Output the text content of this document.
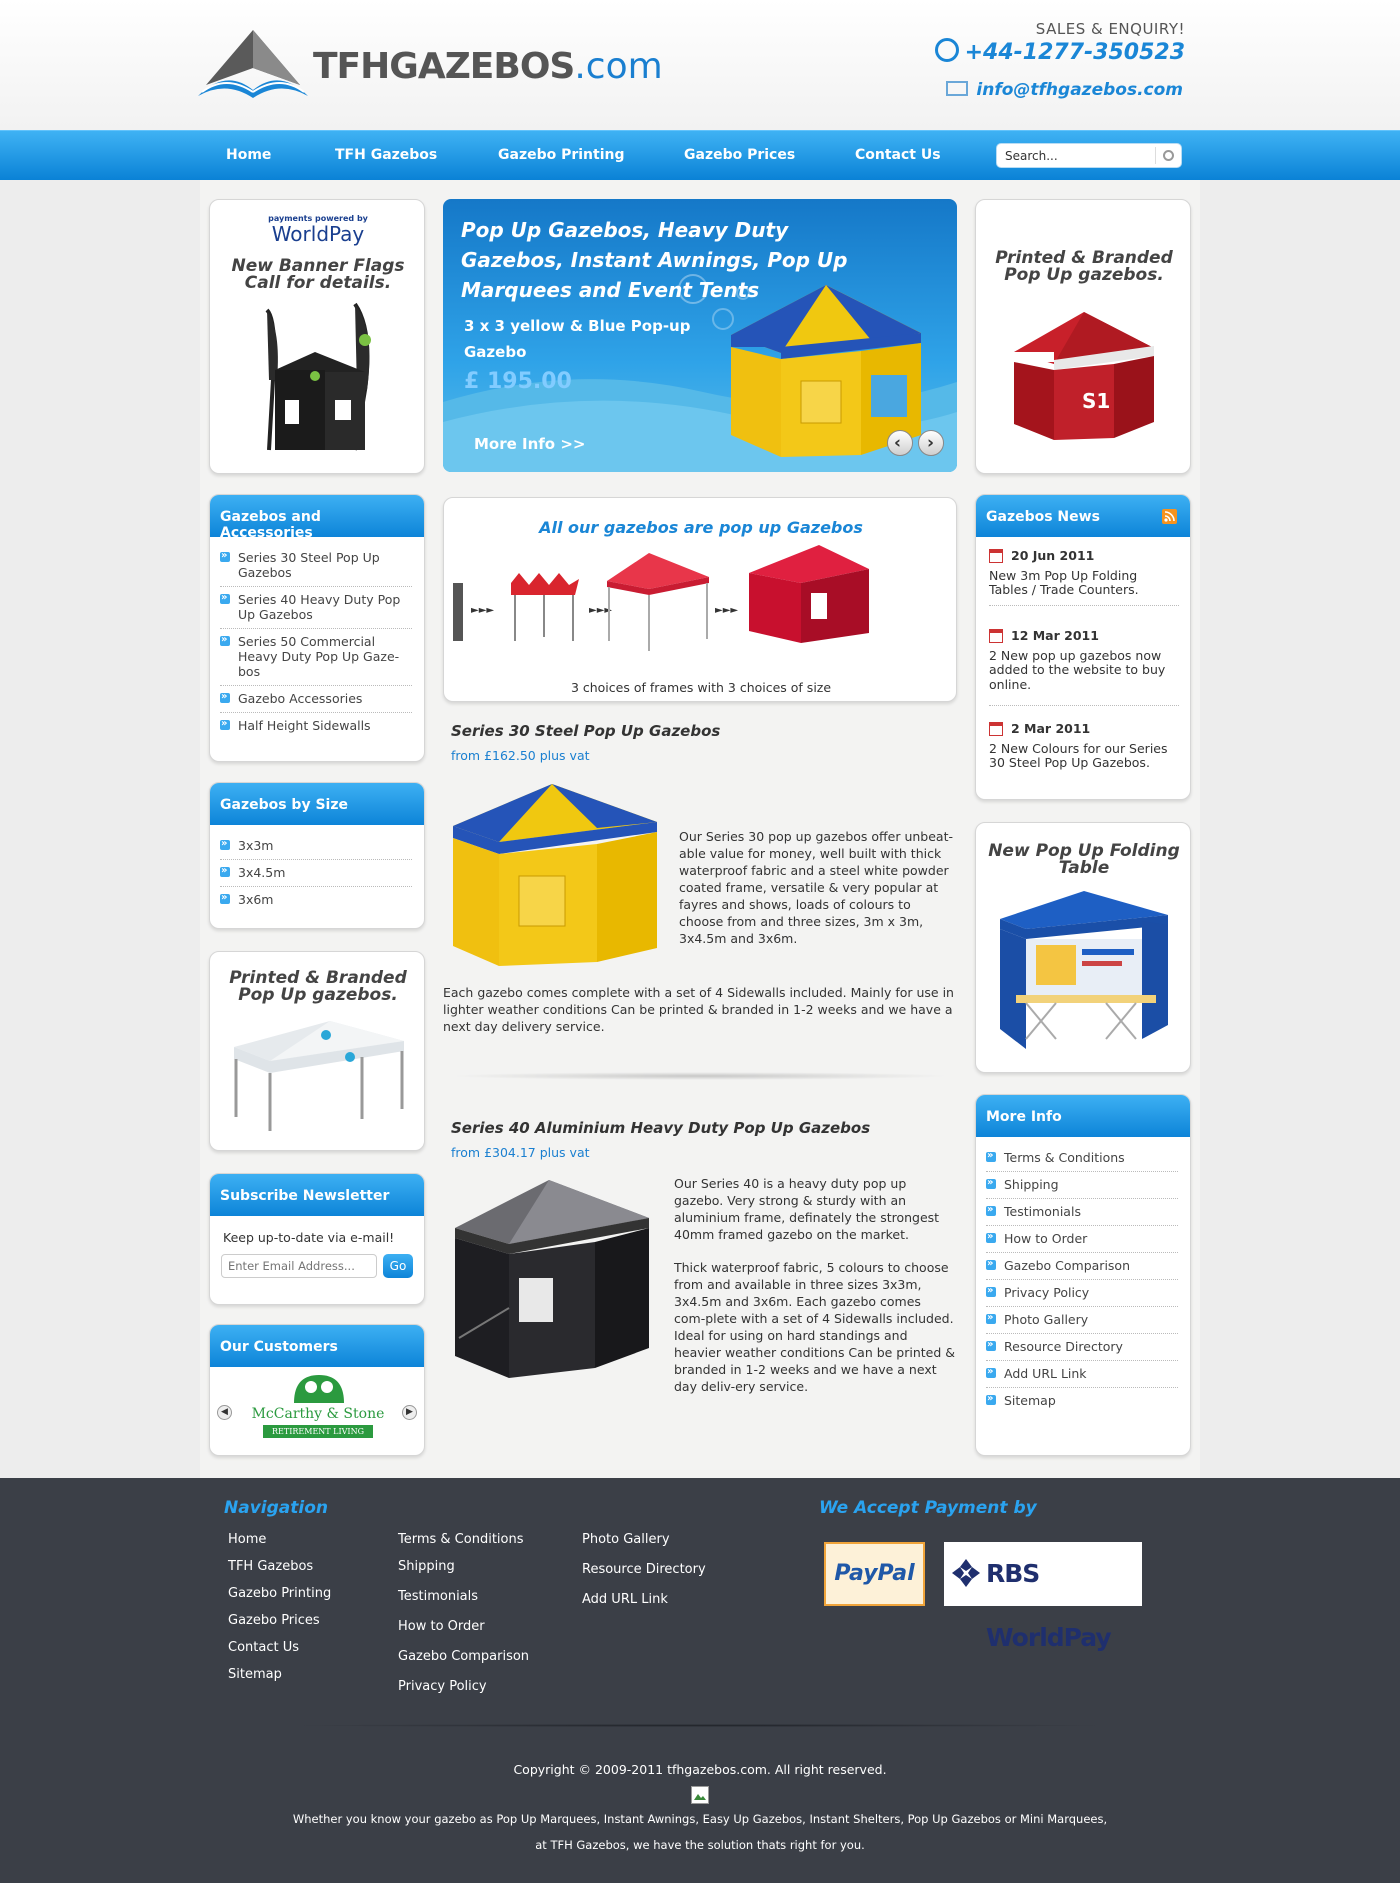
TFHGAZEBOS.com
SALES & ENQUIRY!
+44-1277-350523
info@tfhgazebos.com
Home	TFH Gazebos	Gazebo Printing	Gazebo Prices	Contact Us
Search...
payments powered by
WorldPay
New Banner Flags Call for details.
Pop Up Gazebos, Heavy Duty Gazebos, Instant Awnings, Pop Up Marquees and Event Tents
3 x 3 yellow & Blue Pop-up Gazebo
£ 195.00
More Info >>	‹ ›
Printed & Branded Pop Up gazebos.
S1
Gazebos and Accessories
»
Series 30 Steel Pop Up Gazebos
»
Series 40 Heavy Duty Pop Up Gazebos
»
Series 50 Commercial Heavy Duty Pop Up Gaze-bos
»
Gazebo Accessories
»
Half Height Sidewalls
Gazebos by Size
»
3x3m
»
3x4.5m
»
3x6m
Printed & Branded Pop Up gazebos.
Subscribe Newsletter
Keep up-to-date via e-mail!
Enter Email Address...
Go
Our Customers
◀	▶
McCarthy & Stone
RETIREMENT LIVING
All our gazebos are pop up Gazebos
►►►	►►►	►►►
3 choices of frames with 3 choices of size
Series 30 Steel Pop Up Gazebos
from £162.50 plus vat
Our Series 30 pop up gazebos offer unbeat-able value for money, well built with thick waterproof fabric and a steel white powder coated frame, versatile & very popular at fayres and shows, loads of colours to choose from and three sizes, 3m x 3m, 3x4.5m and 3x6m.
Each gazebo comes complete with a set of 4 Sidewalls included. Mainly for use in lighter weather conditions Can be printed & branded in 1-2 weeks and we have a next day delivery service.
Series 40 Aluminium Heavy Duty Pop Up Gazebos
from £304.17 plus vat
Our Series 40 is a heavy duty pop up gazebo. Very strong & sturdy with an aluminium frame, definately the strongest 40mm framed gazebo on the market.
Thick waterproof fabric, 5 colours to choose from and available in three sizes 3x3m, 3x4.5m and 3x6m. Each gazebo comes com-plete with a set of 4 Sidewalls included. Ideal for using on hard standings and heavier weather conditions Can be printed & branded in 1-2 weeks and we have a next day deliv-ery service.
Gazebos News
20 Jun 2011
New 3m Pop Up Folding Tables / Trade Counters.
12 Mar 2011
2 New pop up gazebos now added to the website to buy online.
2 Mar 2011
2 New Colours for our Series 30 Steel Pop Up Gazebos.
New Pop Up Folding Table
More Info
»
Terms & Conditions
»
Shipping
»
Testimonials
»
How to Order
»
Gazebo Comparison
»
Privacy Policy
»
Photo Gallery
»
Resource Directory
»
Add URL Link
»
Sitemap
Navigation
Home
TFH Gazebos
Gazebo Printing
Gazebo Prices
Contact Us
Sitemap
Terms & Conditions
Shipping
Testimonials
How to Order
Gazebo Comparison
Privacy Policy
Photo Gallery
Resource Directory
Add URL Link
We Accept Payment by
PayPal	RBS WorldPay
Copyright © 2009-2011 tfhgazebos.com. All right reserved.
Whether you know your gazebo as Pop Up Marquees, Instant Awnings, Easy Up Gazebos, Instant Shelters, Pop Up Gazebos or Mini Marquees,
at TFH Gazebos, we have the solution thats right for you.
